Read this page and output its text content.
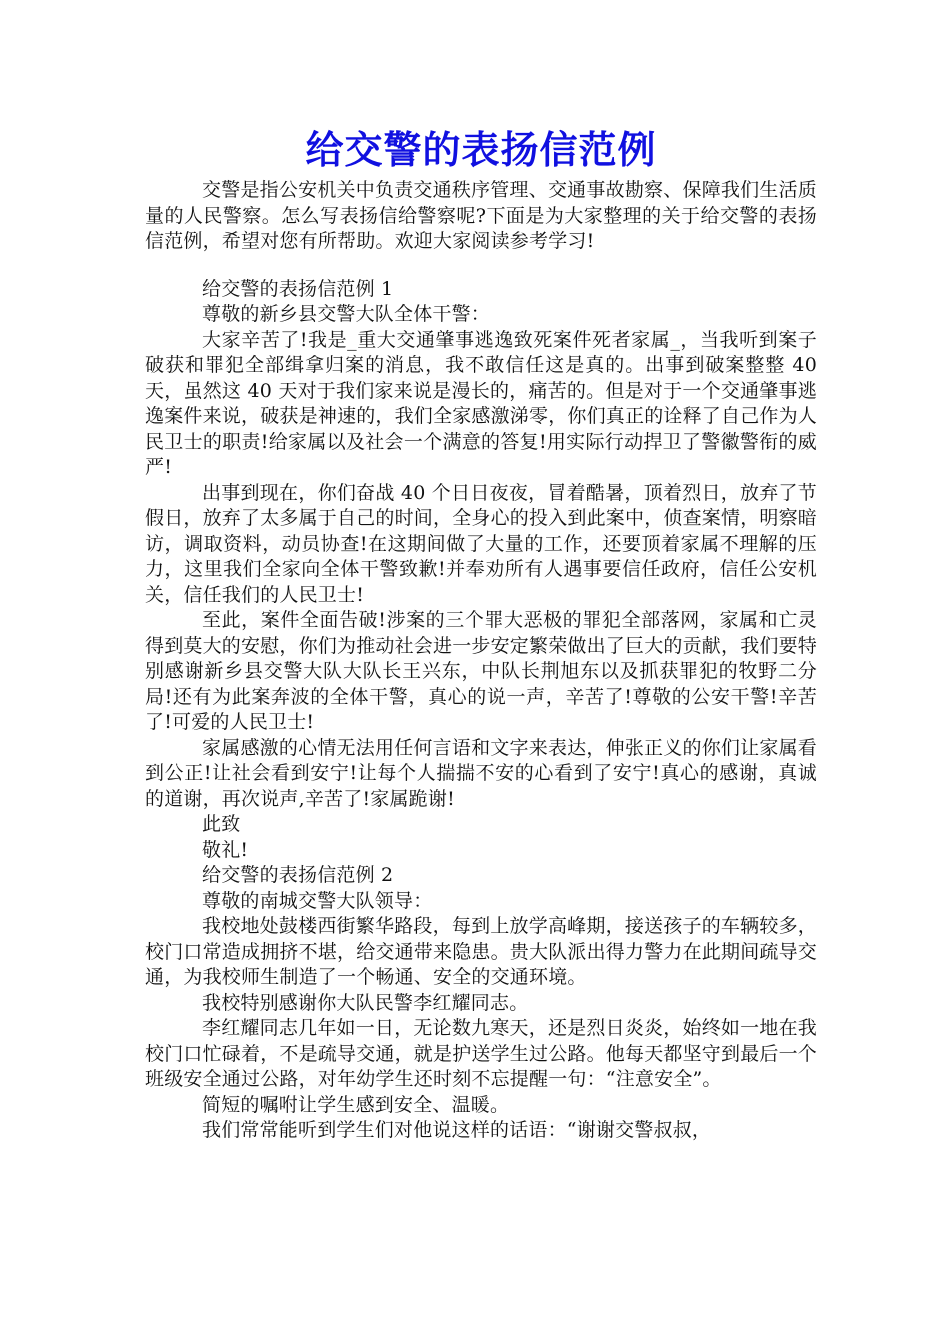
给交警的表扬信范例

交警是指公安机关中负责交通秩序管理、交通事故勘察、保障我们生活质量的人民警察。怎么写表扬信给警察呢?下面是为大家整理的关于给交警的表扬信范例，希望对您有所帮助。欢迎大家阅读参考学习!

给交警的表扬信范例 1

尊敬的新乡县交警大队全体干警：

大家辛苦了!我是_重大交通肇事逃逸致死案件死者家属_，当我听到案子破获和罪犯全部缉拿归案的消息，我不敢信任这是真的。出事到破案整整 40 天，虽然这 40 天对于我们家来说是漫长的，痛苦的。但是对于一个交通肇事逃逸案件来说，破获是神速的，我们全家感激涕零，你们真正的诠释了自己作为人民卫士的职责!给家属以及社会一个满意的答复!用实际行动捍卫了警徽警衔的威严!

出事到现在，你们奋战 40 个日日夜夜，冒着酷暑，顶着烈日，放弃了节假日，放弃了太多属于自己的时间，全身心的投入到此案中，侦查案情，明察暗访，调取资料，动员协查!在这期间做了大量的工作，还要顶着家属不理解的压力，这里我们全家向全体干警致歉!并奉劝所有人遇事要信任政府，信任公安机关，信任我们的人民卫士!

至此，案件全面告破!涉案的三个罪大恶极的罪犯全部落网，家属和亡灵得到莫大的安慰，你们为推动社会进一步安定繁荣做出了巨大的贡献，我们要特别感谢新乡县交警大队大队长王兴东，中队长荆旭东以及抓获罪犯的牧野二分局!还有为此案奔波的全体干警，真心的说一声，辛苦了!尊敬的公安干警!辛苦了!可爱的人民卫士!

家属感激的心情无法用任何言语和文字来表达，伸张正义的你们让家属看到公正!让社会看到安宁!让每个人揣揣不安的心看到了安宁!真心的感谢，真诚的道谢，再次说声,辛苦了!家属跪谢!

此致

敬礼!

给交警的表扬信范例 2

尊敬的南城交警大队领导：

我校地处鼓楼西街繁华路段，每到上放学高峰期，接送孩子的车辆较多，校门口常造成拥挤不堪，给交通带来隐患。贵大队派出得力警力在此期间疏导交通，为我校师生制造了一个畅通、安全的交通环境。

我校特别感谢你大队民警李红耀同志。

李红耀同志几年如一日，无论数九寒天，还是烈日炎炎，始终如一地在我校门口忙碌着，不是疏导交通，就是护送学生过公路。他每天都坚守到最后一个班级安全通过公路，对年幼学生还时刻不忘提醒一句：“注意安全”。

简短的嘱咐让学生感到安全、温暖。

我们常常能听到学生们对他说这样的话语：“谢谢交警叔叔，
